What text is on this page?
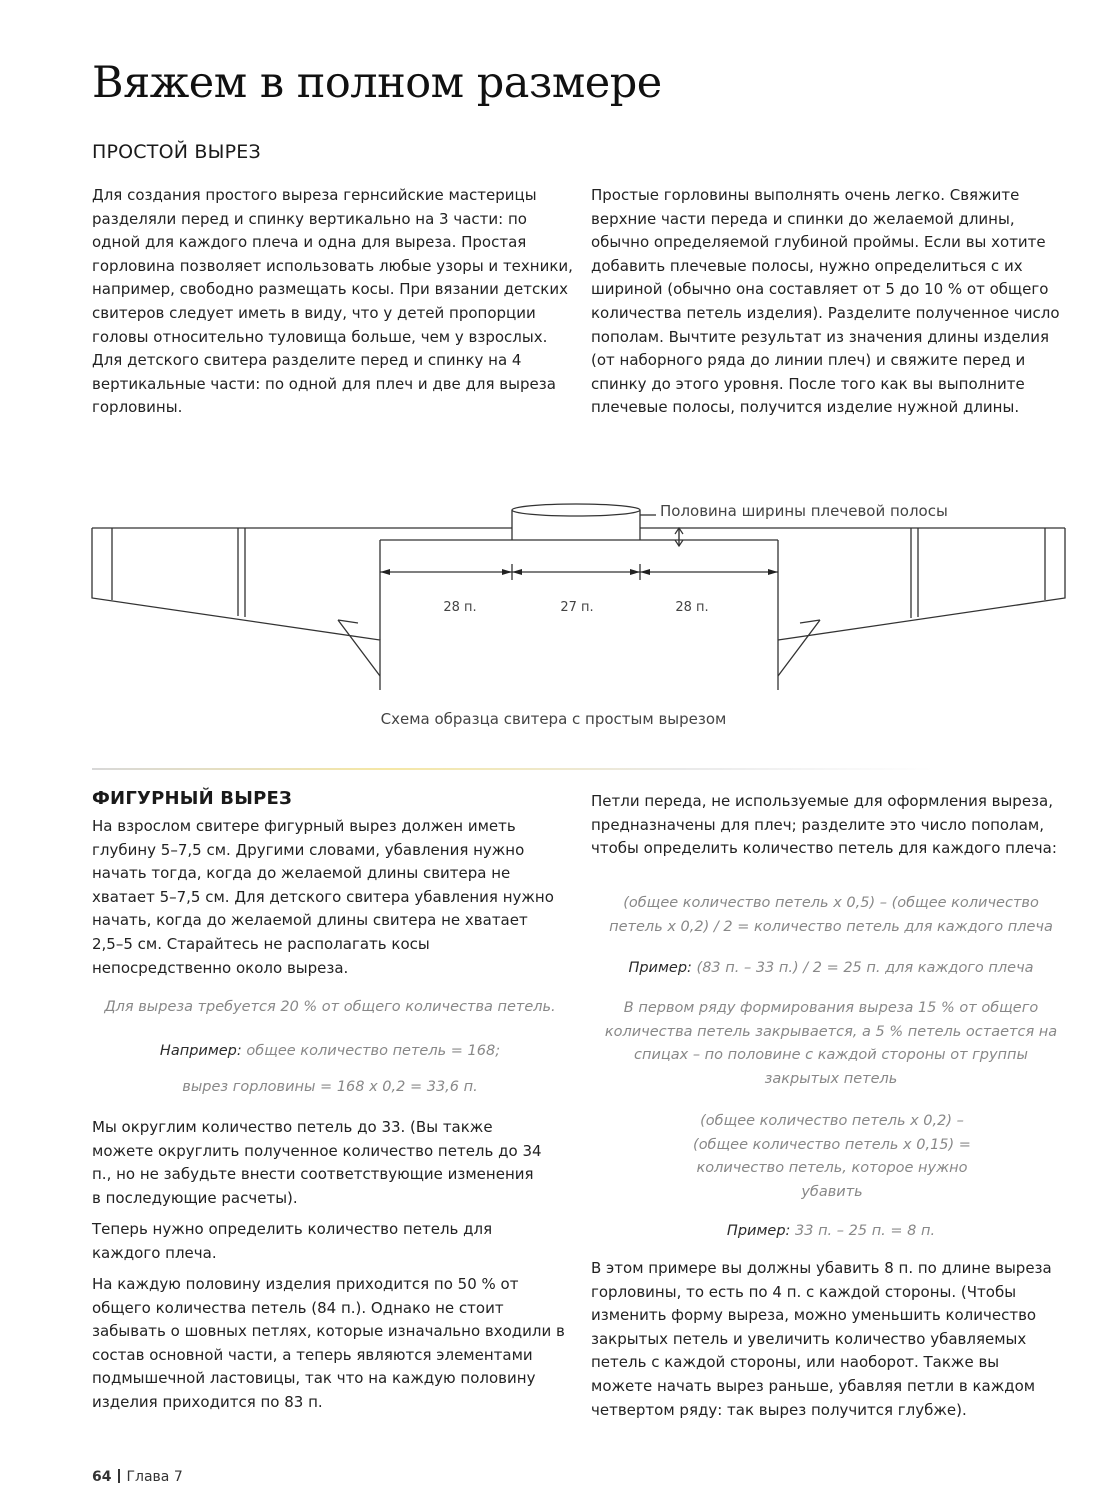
Вяжем в полном размере
ПРОСТОЙ ВЫРЕЗ

Для создания простого выреза гернсийские мастерицы разделяли перед и спинку вертикально на 3 части: по одной для каждого плеча и одна для выреза. Простая горловина позволяет использовать любые узоры и техники, например, свободно размещать косы. При вязании детских свитеров следует иметь в виду, что у детей пропорции головы относительно туловища больше, чем у взрослых. Для детского свитера разделите перед и спинку на 4 вертикальные части: по одной для плеч и две для выреза горловины.

Простые горловины выполнять очень легко. Свяжите верхние части переда и спинки до желаемой длины, обычно определяемой глубиной проймы. Если вы хотите добавить плечевые полосы, нужно определиться с их шириной (обычно она составляет от 5 до 10 % от общего количества петель изделия). Разделите полученное число пополам. Вычтите результат из значения длины изделия (от наборного ряда до линии плеч) и свяжите перед и спинку до этого уровня. После того как вы выполните плечевые полосы, получится изделие нужной длины.

Половина ширины плечевой полосы
28 п.	27 п.	28 п.
Схема образца свитера с простым вырезом
ФИГУРНЫЙ ВЫРЕЗ

На взрослом свитере фигурный вырез должен иметь глубину 5–7,5 см. Другими словами, убавления нужно начать тогда, когда до желаемой длины свитера не хватает 5–7,5 см. Для детского свитера убавления нужно начать, когда до желаемой длины свитера не хватает 2,5–5 см. Старайтесь не располагать косы непосредственно около выреза.

Для выреза требуется 20 % от общего количества петель.

Например: общее количество петель = 168;

вырез горловины = 168 х 0,2 = 33,6 п.

Мы округлим количество петель до 33. (Вы также можете округлить полученное количество петель до 34 п., но не забудьте внести соответствующие изменения в последующие расчеты).

Теперь нужно определить количество петель для каждого плеча.

На каждую половину изделия приходится по 50 % от общего количества петель (84 п.). Однако не стоит забывать о шовных петлях, которые изначально входили в состав основной части, а теперь являются элементами подмышечной ластовицы, так что на каждую половину изделия приходится по 83 п.

Петли переда, не используемые для оформления выреза, предназначены для плеч; разделите это число пополам, чтобы определить количество петель для каждого плеча:

(общее количество петель х 0,5) – (общее количество петель х 0,2) / 2 = количество петель для каждого плеча

Пример: (83 п. – 33 п.) / 2 = 25 п. для каждого плеча

В первом ряду формирования выреза 15 % от общего количества петель закрывается, а 5 % петель остается на спицах – по половине с каждой стороны от группы закрытых петель

(общее количество петель х 0,2) – (общее количество петель х 0,15) = количество петель, которое нужно убавить

Пример: 33 п. – 25 п. = 8 п.

В этом примере вы должны убавить 8 п. по длине выреза горловины, то есть по 4 п. с каждой стороны. (Чтобы изменить форму выреза, можно уменьшить количество закрытых петель и увеличить количество убавляемых петель с каждой стороны, или наоборот. Также вы можете начать вырез раньше, убавляя петли в каждом четвертом ряду: так вырез получится глубже).

64 Глава 7
